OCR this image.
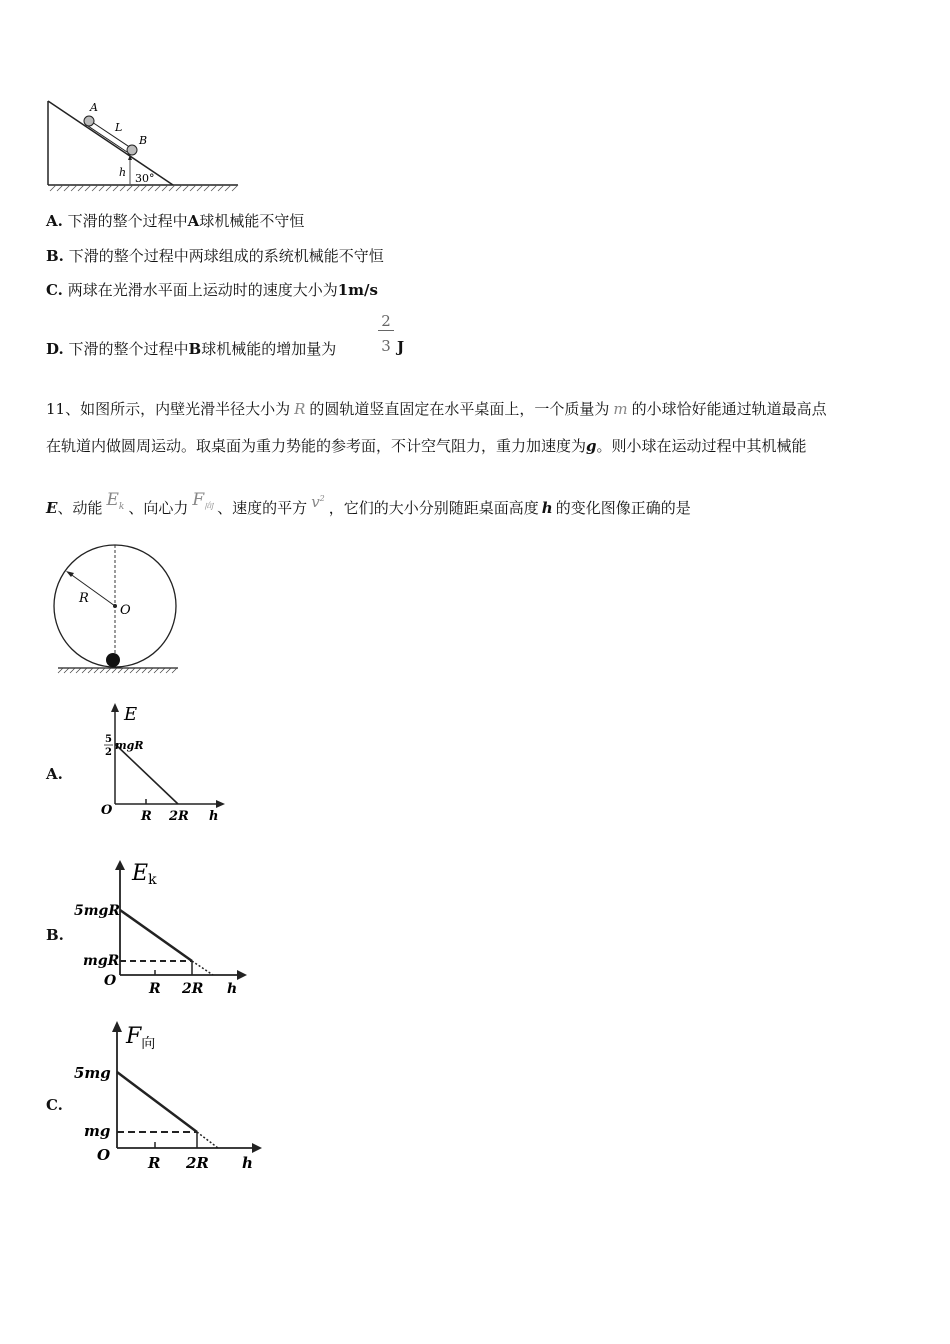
A
L
B
h 30°
A. 下滑的整个过程中A球机械能不守恒
B. 下滑的整个过程中两球组成的系统机械能不守恒
C. 两球在光滑水平面上运动时的速度大小为1m/s
D. 下滑的整个过程中B球机械能的增加量为
2
3 J
11、如图所示，内壁光滑半径大小为 R 的圆轨道竖直固定在水平桌面上，一个质量为 m 的小球恰好能通过轨道最高点
在轨道内做圆周运动。取桌面为重力势能的参考面，不计空气阻力，重力加速度为g。则小球在运动过程中其机械能
E、动能 $E_k$ 、向心力 $F_向$ 、速度的平方 $v^2$，它们的大小分别随距桌面高度 h 的变化图像正确的是
R
O
A.
E
5
2
mgR
O R 2R h
B.
Ek
5mgR
mgR
O R 2R h
C.
$F_向$
5mg
mg
O	R 2R h
